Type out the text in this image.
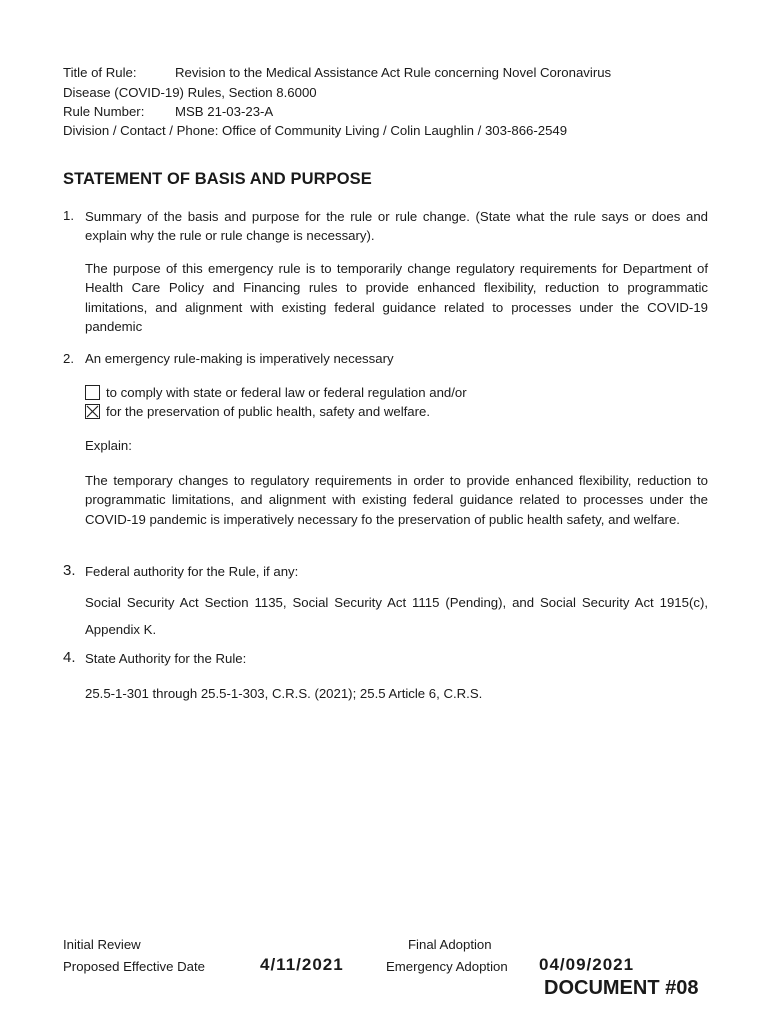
Title of Rule:	Revision to the Medical Assistance Act Rule concerning Novel Coronavirus
Disease (COVID-19) Rules, Section 8.6000
Rule Number: MSB 21-03-23-A
Division / Contact / Phone: Office of Community Living / Colin Laughlin / 303-866-2549
STATEMENT OF BASIS AND PURPOSE
1. Summary of the basis and purpose for the rule or rule change. (State what the rule says or does and explain why the rule or rule change is necessary).
The purpose of this emergency rule is to temporarily change regulatory requirements for Department of Health Care Policy and Financing rules to provide enhanced flexibility, reduction to programmatic limitations, and alignment with existing federal guidance related to processes under the COVID-19 pandemic
2. An emergency rule-making is imperatively necessary
to comply with state or federal law or federal regulation and/or
for the preservation of public health, safety and welfare.
Explain:
The temporary changes to regulatory requirements in order to provide enhanced flexibility, reduction to programmatic limitations, and alignment with existing federal guidance related to processes under the COVID-19 pandemic is imperatively necessary fo the preservation of public health safety, and welfare.
3. Federal authority for the Rule, if any:
Social Security Act Section 1135, Social Security Act 1115 (Pending), and Social Security Act 1915(c), Appendix K.
4. State Authority for the Rule:
25.5-1-301 through 25.5-1-303, C.R.S. (2021); 25.5 Article 6, C.R.S.
Initial Review
Proposed Effective Date	4/11/2021
Final Adoption
Emergency Adoption 04/09/2021
DOCUMENT #08
